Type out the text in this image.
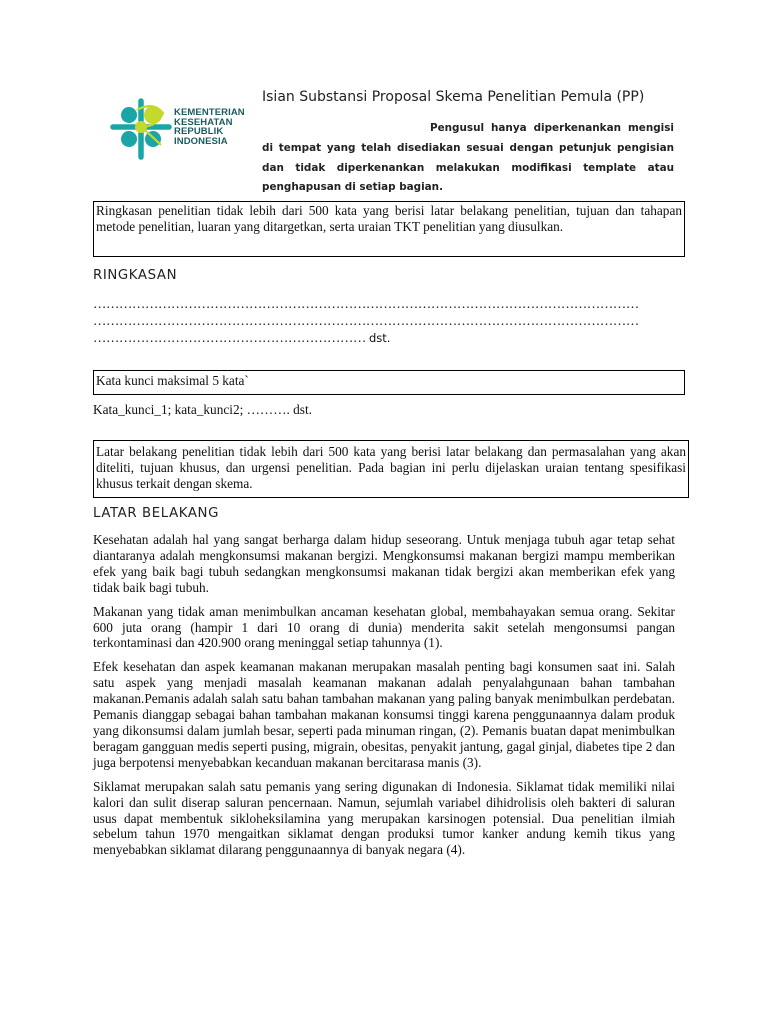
KEMENTERIAN
KESEHATAN
REPUBLIK
INDONESIA
Isian Substansi Proposal Skema Penelitian Pemula (PP)
Pengusul hanya diperkenankan mengisi di tempat yang telah disediakan sesuai dengan petunjuk pengisian dan tidak diperkenankan melakukan modifikasi template atau penghapusan di setiap bagian.
Ringkasan penelitian tidak lebih dari 500 kata yang berisi latar belakang penelitian, tujuan dan tahapan metode penelitian, luaran yang ditargetkan, serta uraian TKT penelitian yang diusulkan.
RINGKASAN
………………………………………………………………………………………………………………
………………………………………………………………………………………………………………
……………………………………………………… dst.
Kata kunci maksimal 5 kata`
Kata_kunci_1; kata_kunci2; ………. dst.
Latar belakang penelitian tidak lebih dari 500 kata yang berisi latar belakang dan permasalahan yang akan diteliti, tujuan khusus, dan urgensi penelitian. Pada bagian ini perlu dijelaskan uraian tentang spesifikasi khusus terkait dengan skema.
LATAR BELAKANG

Kesehatan adalah hal yang sangat berharga dalam hidup seseorang. Untuk menjaga tubuh agar tetap sehat diantaranya adalah mengkonsumsi makanan bergizi. Mengkonsumsi makanan bergizi mampu memberikan efek yang baik bagi tubuh sedangkan mengkonsumsi makanan tidak bergizi akan memberikan efek yang tidak baik bagi tubuh.

Makanan yang tidak aman menimbulkan ancaman kesehatan global, membahayakan semua orang. Sekitar 600 juta orang (hampir 1 dari 10 orang di dunia) menderita sakit setelah mengonsumsi pangan terkontaminasi dan 420.900 orang meninggal setiap tahunnya (1).

Efek kesehatan dan aspek keamanan makanan merupakan masalah penting bagi konsumen saat ini. Salah satu aspek yang menjadi masalah keamanan makanan adalah penyalahgunaan bahan tambahan makanan.Pemanis adalah salah satu bahan tambahan makanan yang paling banyak menimbulkan perdebatan. Pemanis dianggap sebagai bahan tambahan makanan konsumsi tinggi karena penggunaannya dalam produk yang dikonsumsi dalam jumlah besar, seperti pada minuman ringan, (2). Pemanis buatan dapat menimbulkan beragam gangguan medis seperti pusing, migrain, obesitas, penyakit jantung, gagal ginjal, diabetes tipe 2 dan juga berpotensi menyebabkan kecanduan makanan bercitarasa manis (3).

Siklamat merupakan salah satu pemanis yang sering digunakan di Indonesia. Siklamat tidak memiliki nilai kalori dan sulit diserap saluran pencernaan. Namun, sejumlah variabel dihidrolisis oleh bakteri di saluran usus dapat membentuk sikloheksilamina yang merupakan karsinogen potensial. Dua penelitian ilmiah sebelum tahun 1970 mengaitkan siklamat dengan produksi tumor kanker andung kemih tikus yang menyebabkan siklamat dilarang penggunaannya di banyak negara (4).
